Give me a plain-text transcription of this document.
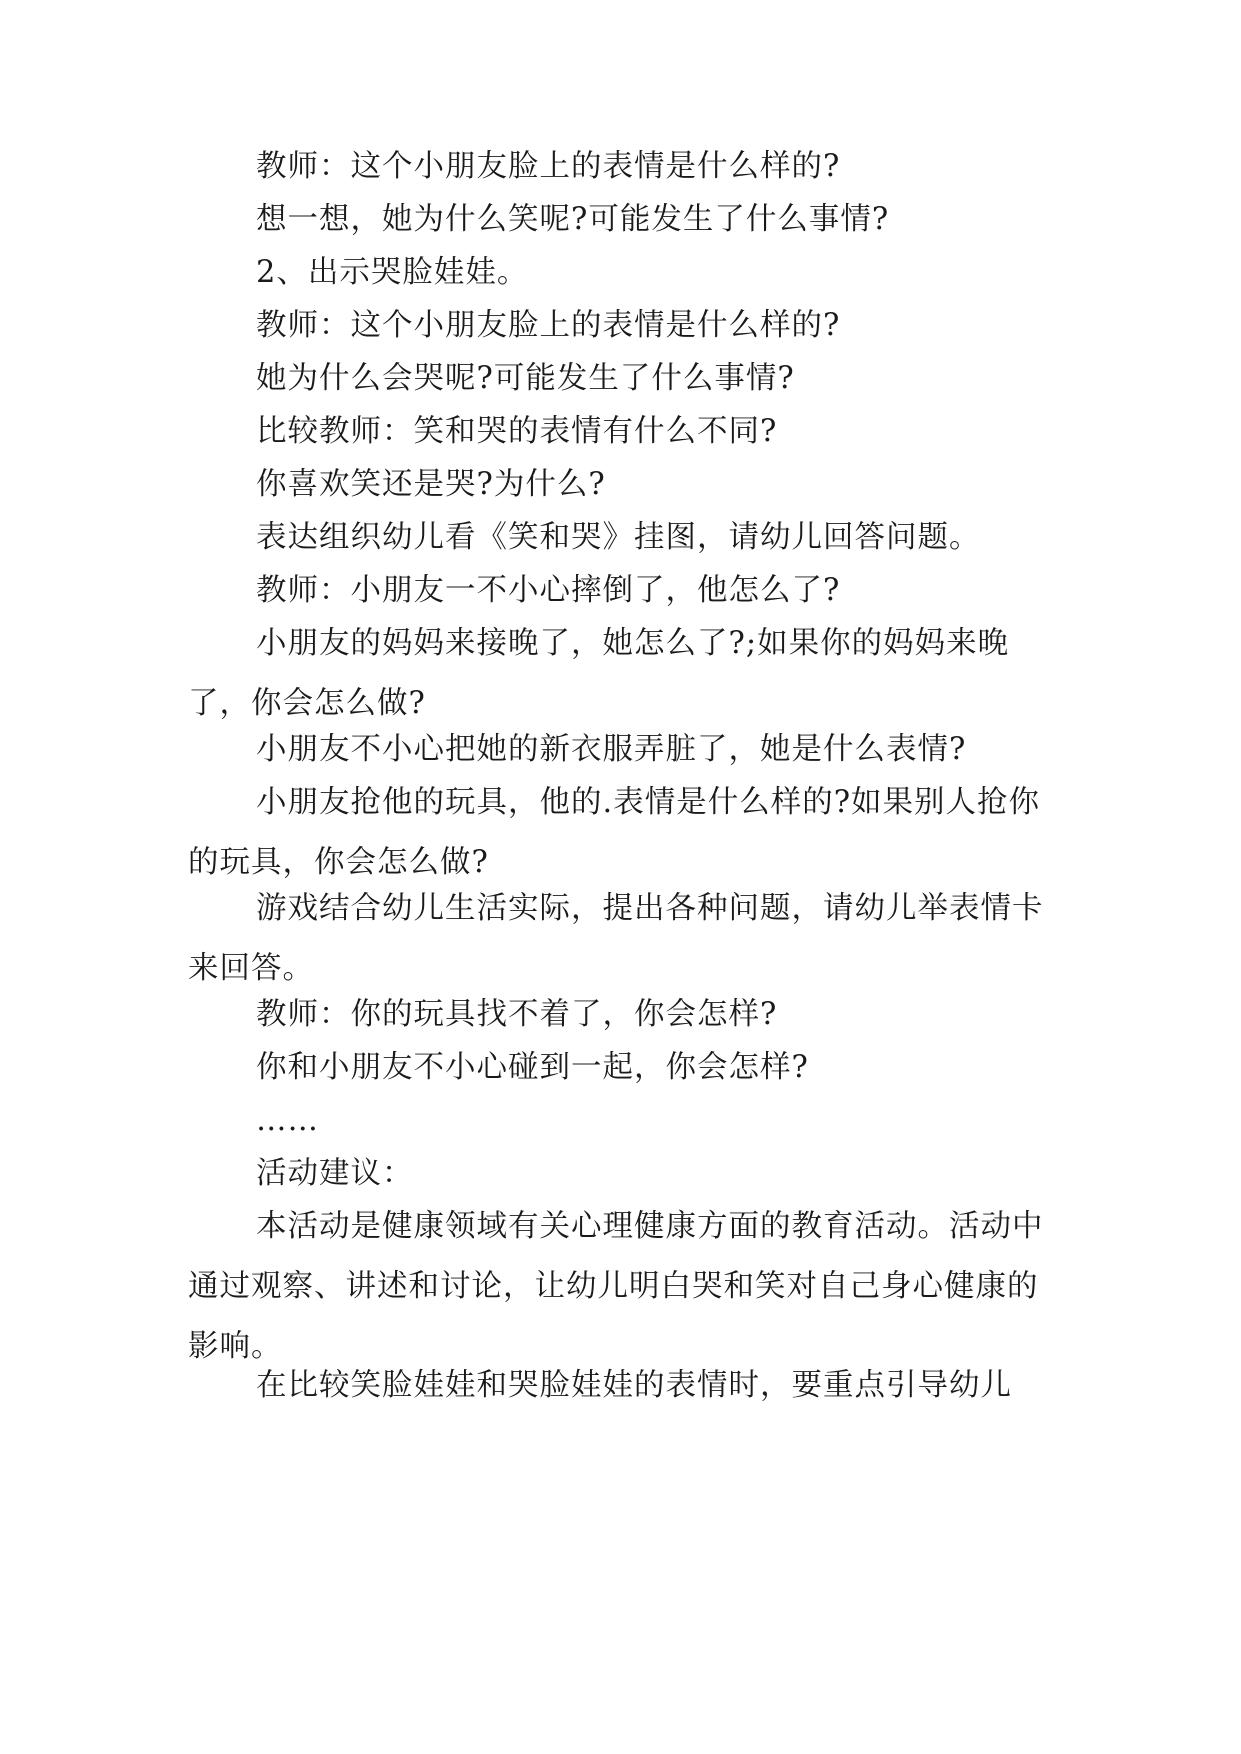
教师：这个小朋友脸上的表情是什么样的?

想一想，她为什么笑呢?可能发生了什么事情?

2、出示哭脸娃娃。

教师：这个小朋友脸上的表情是什么样的?

她为什么会哭呢?可能发生了什么事情?

比较教师：笑和哭的表情有什么不同?

你喜欢笑还是哭?为什么?

表达组织幼儿看《笑和哭》挂图，请幼儿回答问题。

教师：小朋友一不小心摔倒了，他怎么了?

小朋友的妈妈来接晚了，她怎么了?;如果你的妈妈来晚了，你会怎么做?

小朋友不小心把她的新衣服弄脏了，她是什么表情?

小朋友抢他的玩具，他的.表情是什么样的?如果别人抢你的玩具，你会怎么做?

游戏结合幼儿生活实际，提出各种问题，请幼儿举表情卡来回答。

教师：你的玩具找不着了，你会怎样?

你和小朋友不小心碰到一起，你会怎样?

……

活动建议：

本活动是健康领域有关心理健康方面的教育活动。活动中通过观察、讲述和讨论，让幼儿明白哭和笑对自己身心健康的影响。

在比较笑脸娃娃和哭脸娃娃的表情时，要重点引导幼儿
